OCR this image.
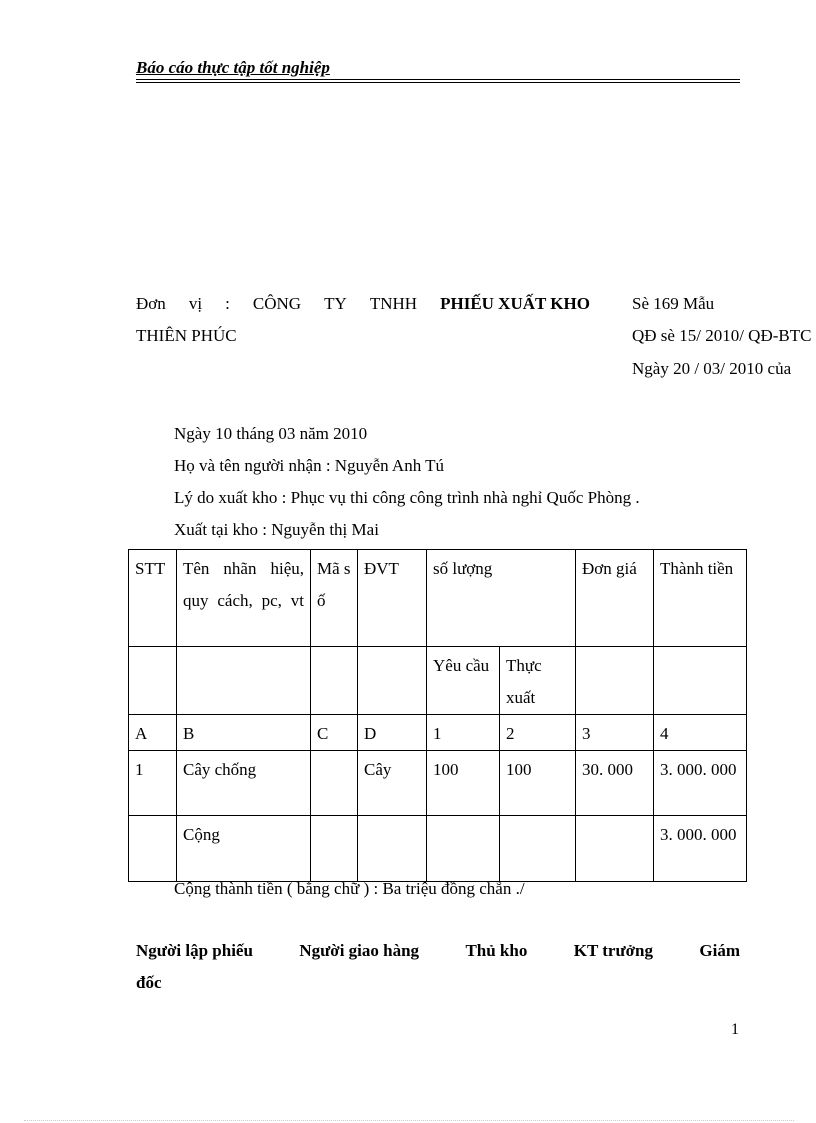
Báo cáo thực tập tốt nghiệp
Đơn vị : CÔNG TY TNHH PHIẾU XUẤT KHO
THIÊN PHÚC
Sè 169 Mẫu
QĐ sè 15/ 2010/ QĐ-BTC
Ngày 20 / 03/ 2010 của
Ngày 10 tháng 03 năm 2010
Họ và tên người nhận : Nguyễn Anh Tú
Lý do xuất kho : Phục vụ thi công công trình nhà nghỉ Quốc Phòng .
Xuất tại kho : Nguyễn thị Mai
STT	Tên nhãn hiệu, quy cách, pc, vt	Mã số	ĐVT	số lượng		Đơn giá	Thành tiền
				Yêu cầu	Thực xuất		
A	B	C	D	1	2	3	4
1	Cây chống		Cây	100	100	30. 000	3. 000. 000
	Cộng						3. 000. 000
Cộng thành tiền ( bằng chữ ) : Ba triệu đồng chẵn ./
Người lập phiếu	Người giao hàng	Thủ kho	KT trưởng	Giám
đốc
1
